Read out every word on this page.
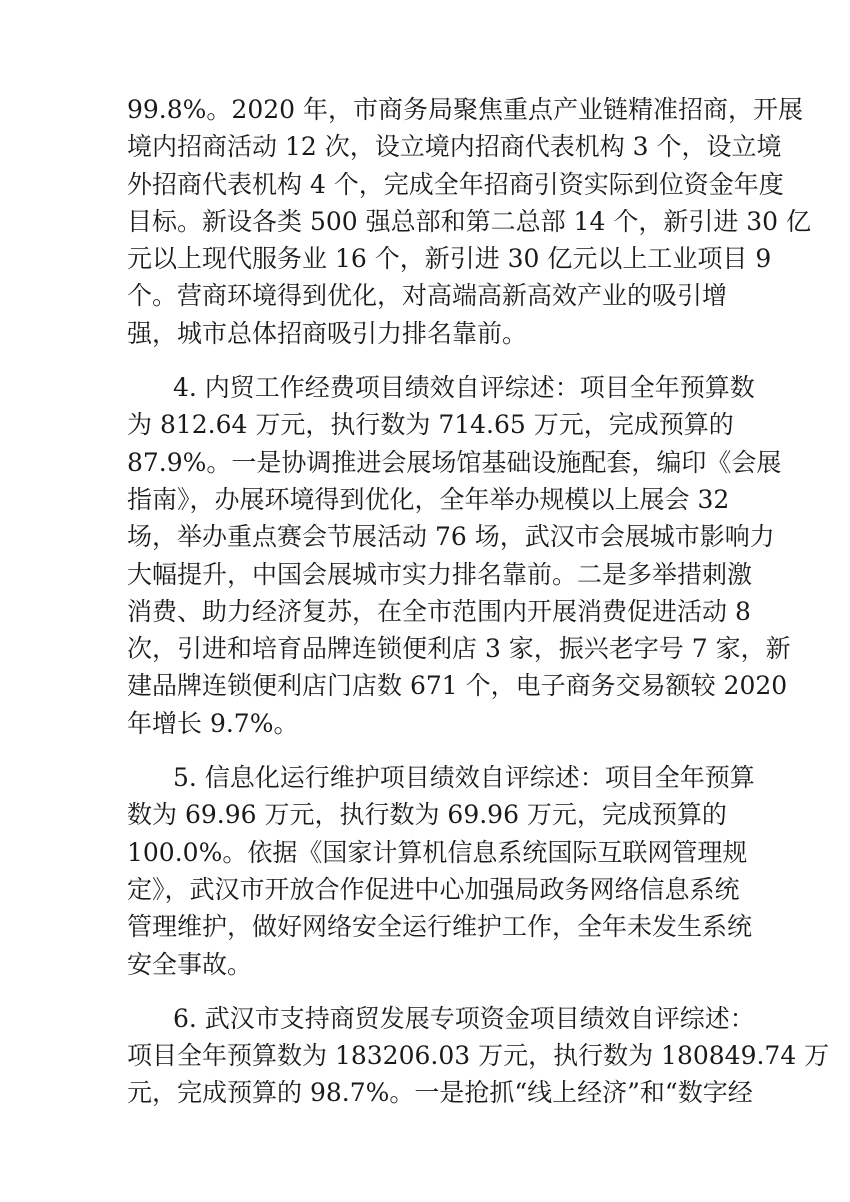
99.8%。2020 年，市商务局聚焦重点产业链精准招商，开展
境内招商活动 12 次，设立境内招商代表机构 3 个，设立境
外招商代表机构 4 个，完成全年招商引资实际到位资金年度
目标。新设各类 500 强总部和第二总部 14 个，新引进 30 亿
元以上现代服务业 16 个，新引进 30 亿元以上工业项目 9
个。营商环境得到优化，对高端高新高效产业的吸引增
强，城市总体招商吸引力排名靠前。
4. 内贸工作经费项目绩效自评综述：项目全年预算数
为 812.64 万元，执行数为 714.65 万元，完成预算的
87.9%。一是协调推进会展场馆基础设施配套，编印《会展
指南》，办展环境得到优化，全年举办规模以上展会 32
场，举办重点赛会节展活动 76 场，武汉市会展城市影响力
大幅提升，中国会展城市实力排名靠前。二是多举措刺激
消费、助力经济复苏，在全市范围内开展消费促进活动 8
次，引进和培育品牌连锁便利店 3 家，振兴老字号 7 家，新
建品牌连锁便利店门店数 671 个，电子商务交易额较 2020
年增长 9.7%。
5. 信息化运行维护项目绩效自评综述：项目全年预算
数为 69.96 万元，执行数为 69.96 万元，完成预算的
100.0%。依据《国家计算机信息系统国际互联网管理规
定》，武汉市开放合作促进中心加强局政务网络信息系统
管理维护，做好网络安全运行维护工作，全年未发生系统
安全事故。
6. 武汉市支持商贸发展专项资金项目绩效自评综述：
项目全年预算数为 183206.03 万元，执行数为 180849.74 万
元，完成预算的 98.7%。一是抢抓“线上经济”和“数字经
